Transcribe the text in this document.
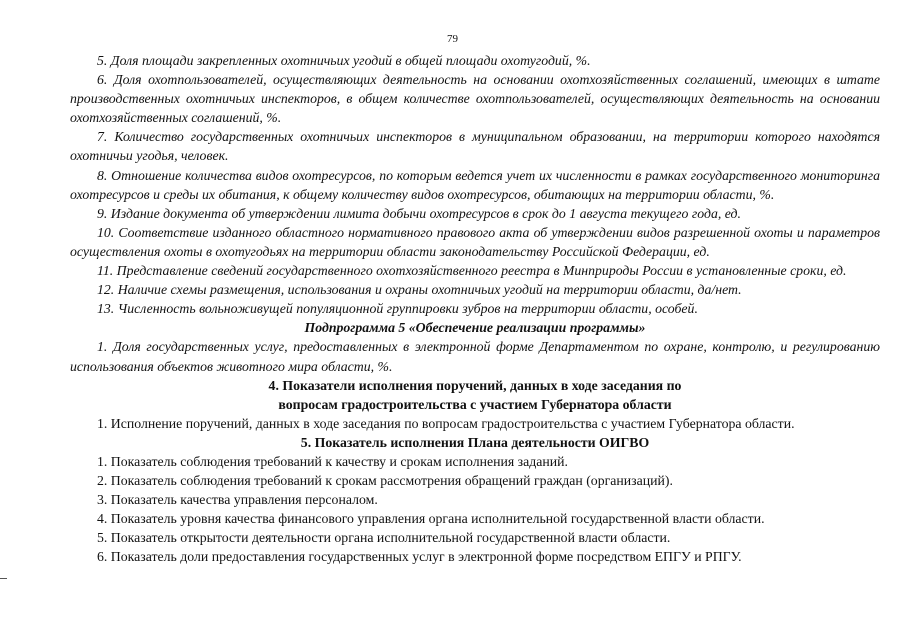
79

5. Доля площади закрепленных охотничьих угодий в общей площади охотугодий, %.

6. Доля охотпользователей, осуществляющих деятельность на основании охотхозяйственных соглашений, имеющих в штате производственных охотничьих инспекторов, в общем количестве охотпользователей, осуществляющих деятельность на основании охотхозяйственных соглашений, %.

7. Количество государственных охотничьих инспекторов в муниципальном образовании, на территории которого находятся охотничьи угодья, человек.

8. Отношение количества видов охотресурсов, по которым ведется учет их численности в рамках государственного мониторинга охотресурсов и среды их обитания, к общему количеству видов охотресурсов, обитающих на территории области, %.

9. Издание документа об утверждении лимита добычи охотресурсов в срок до 1 августа текущего года, ед.

10. Соответствие изданного областного нормативного правового акта об утверждении видов разрешенной охоты и параметров осуществления охоты в охотугодьях на территории области законодательству Российской Федерации, ед.

11. Представление сведений государственного охотхозяйственного реестра в Минприроды России в установленные сроки, ед.

12. Наличие схемы размещения, использования и охраны охотничьих угодий на территории области, да/нет.

13. Численность вольноживущей популяционной группировки зубров на территории области, особей.

Подпрограмма 5 «Обеспечение реализации программы»

1. Доля государственных услуг, предоставленных в электронной форме Департаментом по охране, контролю, и регулированию использования объектов животного мира области, %.

4. Показатели исполнения поручений, данных в ходе заседания по

вопросам градостроительства с участием Губернатора области

1. Исполнение поручений, данных в ходе заседания по вопросам градостроительства с участием Губернатора области.

5. Показатель исполнения Плана деятельности ОИГВО

1. Показатель соблюдения требований к качеству и срокам исполнения заданий.

2. Показатель соблюдения требований к срокам рассмотрения обращений граждан (организаций).

3. Показатель качества управления персоналом.

4. Показатель уровня качества финансового управления органа исполнительной государственной власти области.

5. Показатель открытости деятельности органа исполнительной государственной власти области.

6. Показатель доли предоставления государственных услуг в электронной форме посредством ЕПГУ и РПГУ.
